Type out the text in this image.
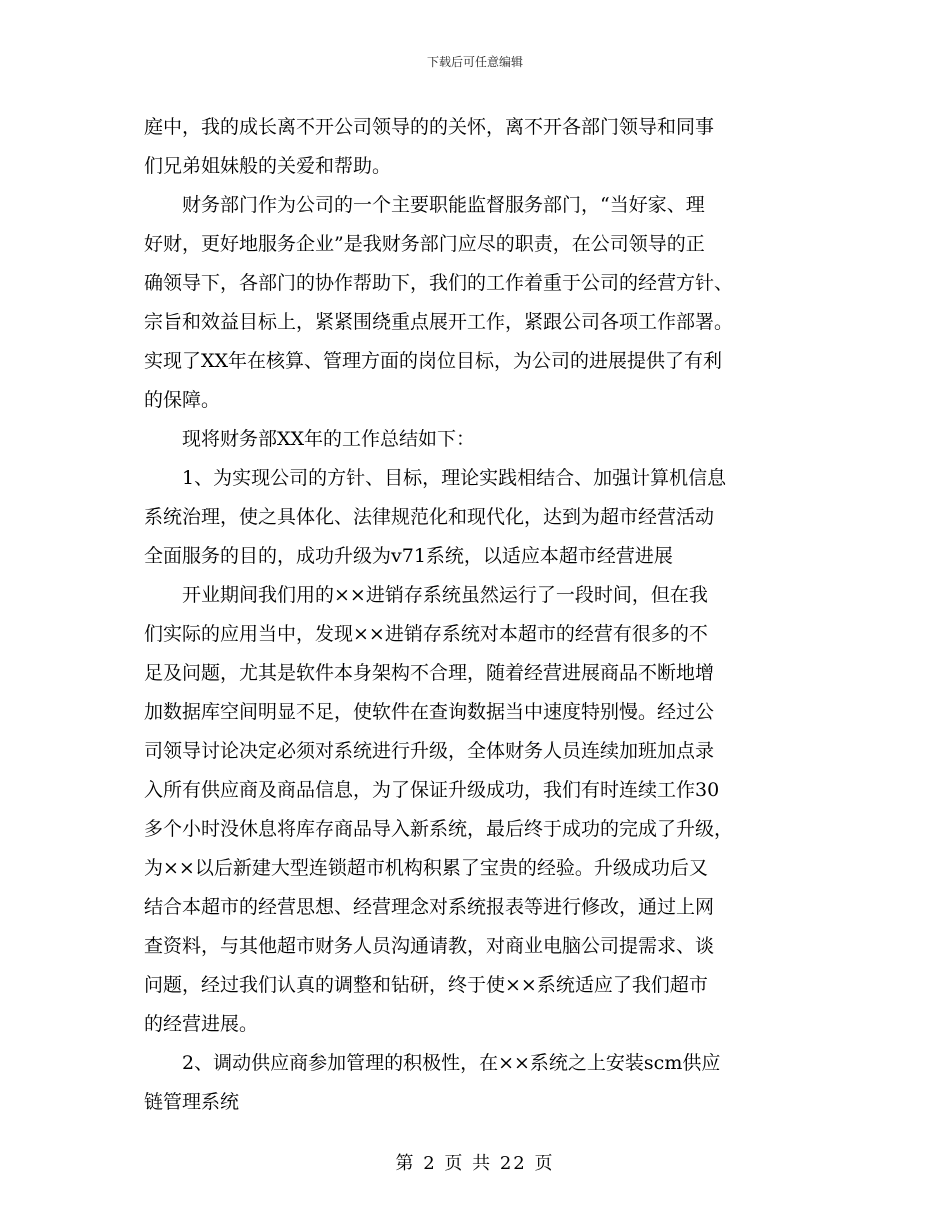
下载后可任意编辑
庭中，我的成长离不开公司领导的的关怀，离不开各部门领导和同事
们兄弟姐妹般的关爱和帮助。
财务部门作为公司的一个主要职能监督服务部门，“当好家、理
好财，更好地服务企业”是我财务部门应尽的职责，在公司领导的正
确领导下，各部门的协作帮助下，我们的工作着重于公司的经营方针、
宗旨和效益目标上，紧紧围绕重点展开工作，紧跟公司各项工作部署。
实现了XX年在核算、管理方面的岗位目标，为公司的进展提供了有利
的保障。
现将财务部XX年的工作总结如下：
1、为实现公司的方针、目标，理论实践相结合、加强计算机信息
系统治理，使之具体化、法律规范化和现代化，达到为超市经营活动
全面服务的目的，成功升级为v71系统，以适应本超市经营进展
开业期间我们用的××进销存系统虽然运行了一段时间，但在我
们实际的应用当中，发现××进销存系统对本超市的经营有很多的不
足及问题，尤其是软件本身架构不合理，随着经营进展商品不断地增
加数据库空间明显不足，使软件在查询数据当中速度特别慢。经过公
司领导讨论决定必须对系统进行升级，全体财务人员连续加班加点录
入所有供应商及商品信息，为了保证升级成功，我们有时连续工作30
多个小时没休息将库存商品导入新系统，最后终于成功的完成了升级，
为××以后新建大型连锁超市机构积累了宝贵的经验。升级成功后又
结合本超市的经营思想、经营理念对系统报表等进行修改，通过上网
查资料，与其他超市财务人员沟通请教，对商业电脑公司提需求、谈
问题，经过我们认真的调整和钻研，终于使××系统适应了我们超市
的经营进展。
2、调动供应商参加管理的积极性，在××系统之上安装scm供应
链管理系统
第 2 页 共 22 页
